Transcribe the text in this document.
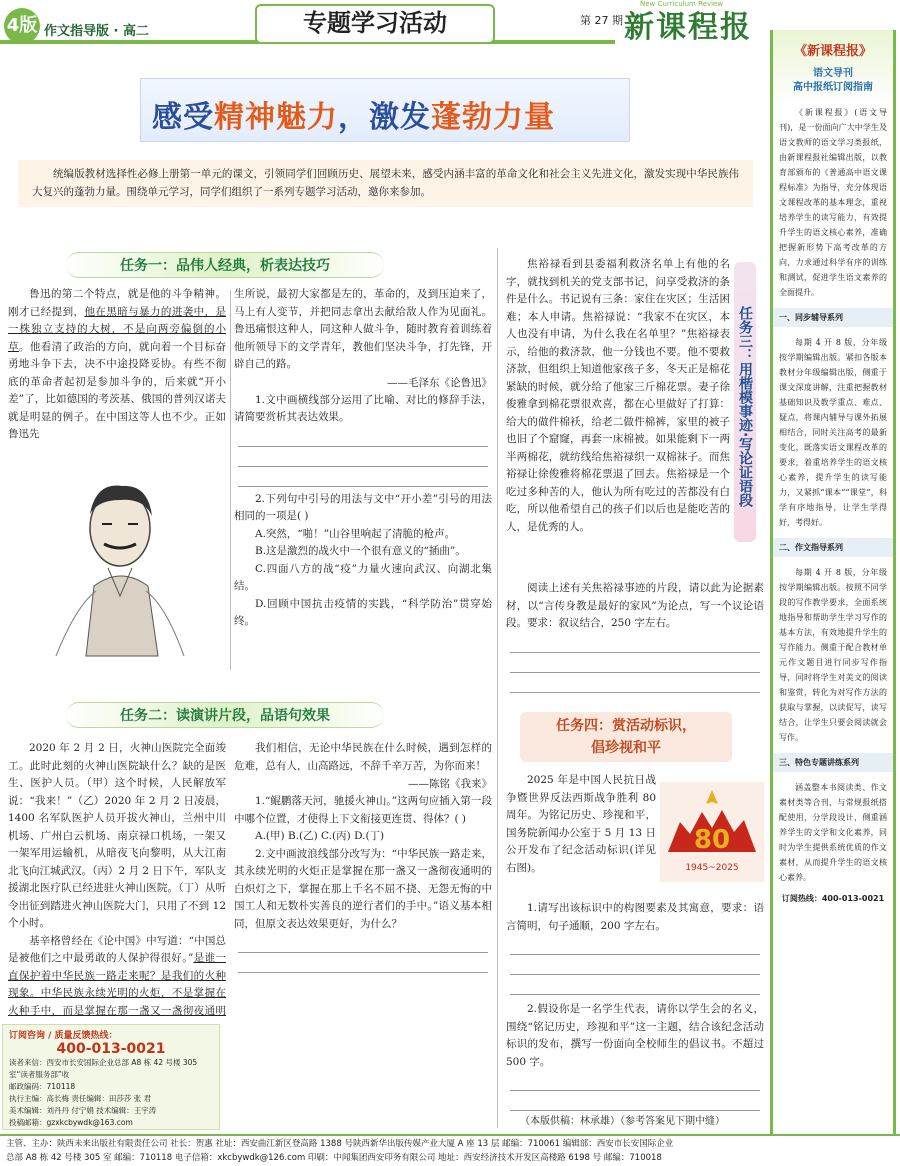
4版 作文指导版 · 高二	专题学习活动	第 27 期
New Curriculum Review
新课程报
感受精神魅力，激发蓬勃力量

统编版教材选择性必修上册第一单元的课文，引领同学们回顾历史、展望未来，感受内涵丰富的革命文化和社会主义先进文化，激发实现中华民族伟大复兴的蓬勃力量。围绕单元学习，同学们组织了一系列专题学习活动，邀你来参加。

任务一：品伟人经典，析表达技巧

鲁迅的第二个特点，就是他的斗争精神。刚才已经提到，他在黑暗与暴力的进袭中，是一株独立支持的大树，不是向两旁偏倒的小草。他看清了政治的方向，就向着一个目标奋勇地斗争下去，决不中途投降妥协。有些不彻底的革命者起初是参加斗争的，后来就“开小差”了，比如德国的考茨基、俄国的普列汉诺夫就是明显的例子。在中国这等人也不少。正如鲁迅先

生所说，最初大家都是左的，革命的，及到压迫来了，马上有人变节，并把同志拿出去献给敌人作为见面礼。鲁迅痛恨这种人，同这种人做斗争，随时教育着训练着他所领导下的文学青年，教他们坚决斗争，打先锋，开辟自己的路。

——毛泽东《论鲁迅》

1.文中画横线部分运用了比喻、对比的修辞手法，请简要赏析其表达效果。

2.下列句中引号的用法与文中“开小差”引号的用法相同的一项是( )

A.突然，“啪！”山谷里响起了清脆的枪声。

B.这是激烈的战火中一个很有意义的“插曲”。

C.四面八方的战“疫”力量火速向武汉、向湖北集结。

D.回顾中国抗击疫情的实践，“科学防治”贯穿始终。

任务二：读演讲片段，品语句效果

2020 年 2 月 2 日，火神山医院完全面竣工。此时此刻的火神山医院缺什么？缺的是医生、医护人员。（甲）这个时候，人民解放军说：“我来！”（乙）2020 年 2 月 2 日凌晨，1400 名军队医护人员开拔火神山，兰州中川机场、广州白云机场、南京禄口机场，一架又一架军用运输机，从暗夜飞向黎明，从大江南北飞向江城武汉。（丙）2 月 2 日下午，军队支援湖北医疗队已经进驻火神山医院。（丁）从听令出征到踏进火神山医院大门，只用了不到 12 个小时。

基辛格曾经在《论中国》中写道：“中国总是被他们之中最勇敢的人保护得很好。”是谁一直保护着中华民族一路走来呢？是我们的火种现象。中华民族永续光明的火炬，不是掌握在火种手中，而是掌握在那一盏又一盏彻夜通明

我们相信，无论中华民族在什么时候，遇到怎样的危难，总有人，山高路远，不辞千辛万苦，为你而来！

——陈铭《我来》

1.“鲲鹏落天河，驰援火神山。”这两句应插入第一段中哪个位置，才使得上下文衔接更连贯、得体？( )

A.(甲) B.(乙) C.(丙) D.(丁)

2.文中画波浪线部分改写为：“中华民族一路走来，其永续光明的火炬正是掌握在那一盏又一盏彻夜通明的白炽灯之下，掌握在那上千名不屈不挠、无怨无悔的中国工人和无数朴实善良的逆行者们的手中。”语义基本相同，但原文表达效果更好，为什么？

任务三：用楷模事迹·写论证语段

焦裕禄看到县委福利救济名单上有他的名字，就找到机关的党支部书记，问享受救济的条件是什么。书记说有三条：家住在灾区；生活困难；本人申请。焦裕禄说：“我家不在灾区，本人也没有申请，为什么我在名单里？”焦裕禄表示，给他的救济款，他一分钱也不要。他不要救济款，但组织上知道他家孩子多，冬天正是棉花紧缺的时候，就分给了他家三斤棉花票。妻子徐俊雅拿到棉花票很欢喜，都在心里做好了打算：给大的做件棉袄，给老二做件棉裤，家里的被子也旧了个窟窿，再套一床棉被。如果能剩下一两半两棉花，就纺线给焦裕禄织一双棉袜子。而焦裕禄让徐俊雅将棉花票退了回去。焦裕禄是一个吃过多种苦的人，他认为所有吃过的苦都没有白吃，所以他希望自己的孩子们以后也是能吃苦的人，是优秀的人。

阅读上述有关焦裕禄事迹的片段，请以此为论据素材，以“言传身教是最好的家风”为论点，写一个议论语段。要求：叙议结合，250 字左右。

任务四：赏活动标识，
倡珍视和平

2025 年是中国人民抗日战争暨世界反法西斯战争胜利 80 周年。为铭记历史、珍视和平，国务院新闻办公室于 5 月 13 日公开发布了纪念活动标识(详见右图)。

80
1945~2025

1.请写出该标识中的构图要素及其寓意，要求：语言简明，句子通顺，200 字左右。

2.假设你是一名学生代表，请你以学生会的名义，围绕“铭记历史，珍视和平”这一主题，结合该纪念活动标识的发布，撰写一份面向全校师生的倡议书。不超过 500 字。

（本版供稿：林承雄）（参考答案见下期中缝）
订阅咨询 / 质量反馈热线：
400-013-0021
读者来信：西安市长安国际企业总部 A8 栋 42 号楼 305 室“读者服务部”收
邮政编码：710118
执行主编：高长梅 责任编辑：田莎莎 张 君
美术编辑：刘丹丹 付宁娟 技术编辑：王宇涛
投稿邮箱：gzxkcbywdk@163.com
《新课程报》
语文导刊
高中报纸订阅指南

《新课程报》(语文导刊)，是一份面向广大中学生及语文教师的语文学习类报纸，由新课程报社编辑出版，以教育部颁布的《普通高中语文课程标准》为指导，充分体现语文课程改革的基本理念，重视培养学生的读写能力，有效提升学生的语文核心素养，准确把握新形势下高考改革的方向，力求通过科学有序的训练和测试，促进学生语文素养的全面提升。

一、同步辅导系列

每期 4 开 8 版，分年级按学期编辑出版。紧扣各版本教材分年级编辑出版，侧重于课文深度讲解，注重把握教材基础知识及教学重点、难点、疑点，将课内辅导与课外拓展相结合，同时关注高考的最新变化，既落实语文课程改革的要求，着重培养学生的语文核心素养，提升学生的读写能力，又紧抓“课本”“课堂”，科学有序地指导，让学生学得好，考得好。

二、作文指导系列

每期 4 开 8 版，分年级按学期编辑出版。按照不同学段的写作教学要求，全面系统地指导和帮助学生学习写作的基本方法，有效地提升学生的写作能力。侧重于配合教材单元作文题目进行同步写作指导，同时将学生对美文的阅读和鉴赏，转化为对写作方法的获取与掌握，以读促写，读写结合，让学生只要会阅读就会写作。

三、特色专题讲练系列

涵盖整本书阅读类、作文素材类等合刊，与常规报纸搭配使用，分学段设计，侧重涵养学生的文学和文化素养，同时为学生提供系统优质的作文素材，从而提升学生的语文核心素养。

订阅热线：400-013-0021
主管、主办：陕西未来出版社有限责任公司 社长：贺惠 社址：西安曲江新区登高路 1388 号陕西新华出版传媒产业大厦 A 座 13 层 邮编：710061 编辑部：西安市长安国际企业
总部 A8 栋 42 号楼 305 室 邮编：710118 电子信箱：xkcbywdk@126.com 印刷：中闻集团西安印务有限公司 地址：西安经济技术开发区高楼路 6198 号 邮编：710018
